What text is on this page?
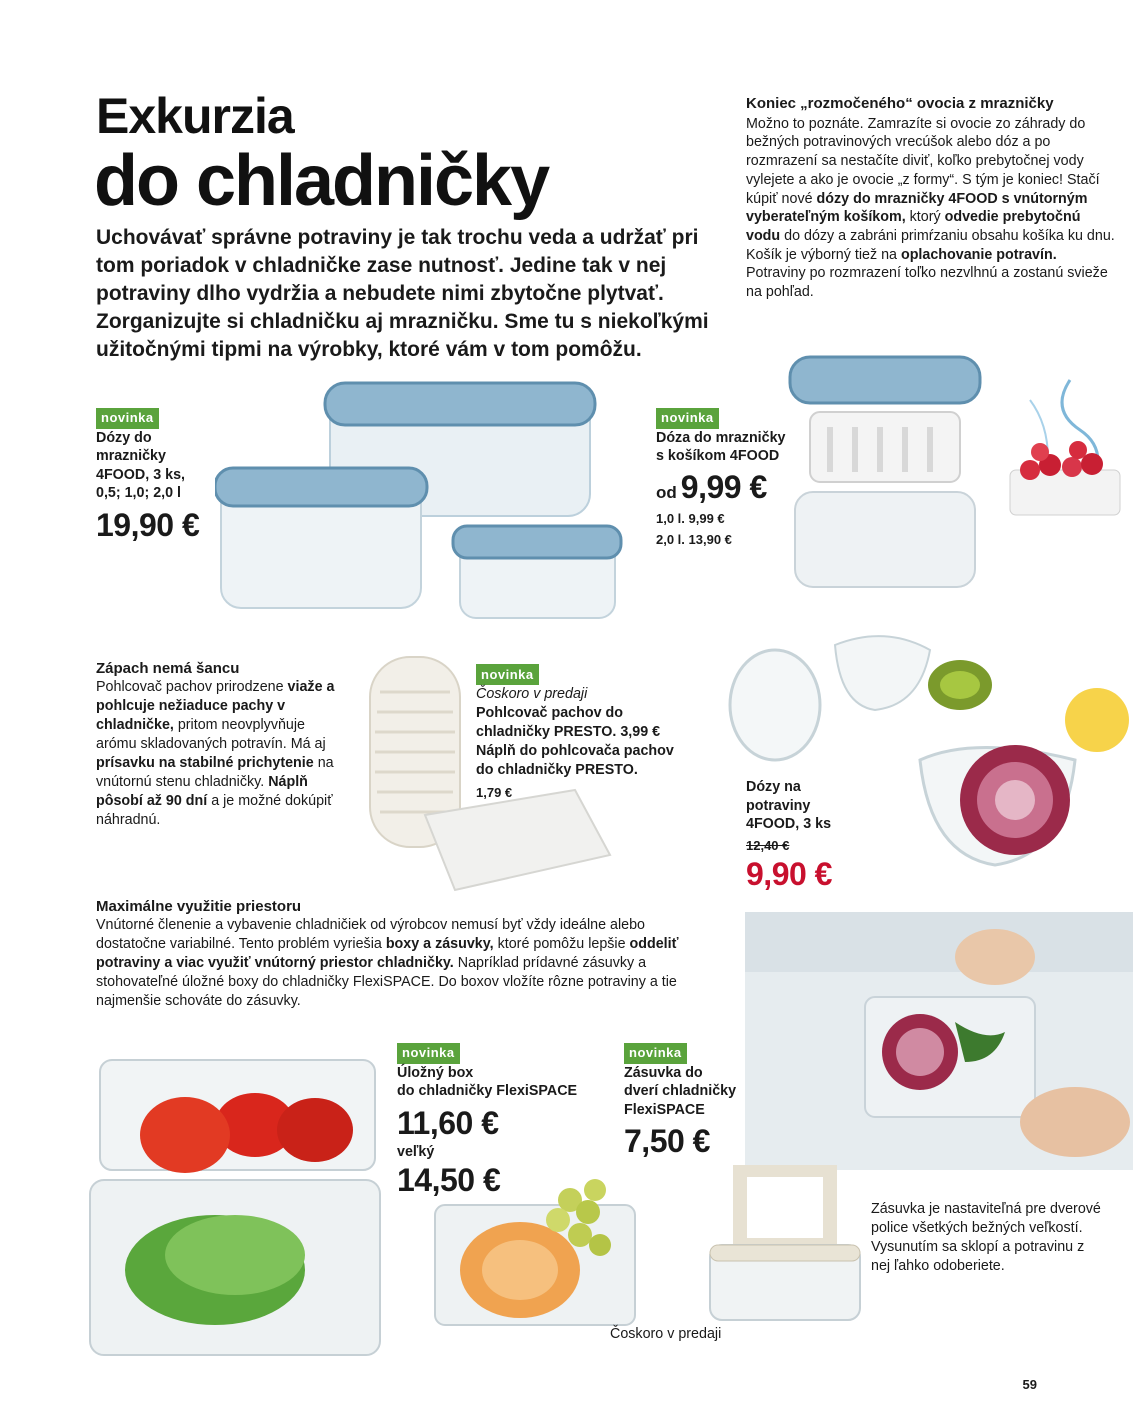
Exkurzia
do chladničky
Uchovávať správne potraviny je tak trochu veda a udržať pri tom poriadok v chladničke zase nutnosť. Jedine tak v nej potraviny dlho vydržia a nebudete nimi zbytočne plytvať. Zorganizujte si chladničku aj mrazničku. Sme tu s niekoľkými užitočnými tipmi na výrobky, ktoré vám v tom pomôžu.
Koniec „rozmočeného“ ovocia z mrazničky

Možno to poznáte. Zamrazíte si ovocie zo záhrady do bežných potravinových vrecúšok alebo dóz a po rozmrazení sa nestačíte diviť, koľko prebytočnej vody vylejete a ako je ovocie „z formy“. S tým je koniec! Stačí kúpiť nové dózy do mrazničky 4FOOD s vnútorným vyberateľným košíkom, ktorý odvedie prebytočnú vodu do dózy a zabráni primŕzaniu obsahu košíka ku dnu. Košík je výborný tiež na oplachovanie potravín. Potraviny po rozmrazení toľko nezvlhnú a zostanú svieže na pohľad.

novinka
Dózy do
mrazničky
4FOOD, 3 ks,
0,5; 1,0; 2,0 l
19,90 €
novinka
Dóza do mrazničky
s košíkom 4FOOD
od 9,99 €
1,0 l. 9,99 €
2,0 l. 13,90 €
Zápach nemá šancu

Pohlcovač pachov prirodzene viaže a pohlcuje nežiaduce pachy v chladničke, pritom neovplyvňuje arómu skladovaných potravín. Má aj prísavku na stabilné prichytenie na vnútornú stenu chladničky. Náplň pôsobí až 90 dní a je možné dokúpiť náhradnú.

novinka
Čoskoro v predaji
Pohlcovač pachov do
chladničky PRESTO. 3,99 €
Náplň do pohlcovača pachov
do chladničky PRESTO.
1,79 €	Dózy na
potraviny
4FOOD, 3 ks
12,40 €
9,90 €
Maximálne využitie priestoru

Vnútorné členenie a vybavenie chladničiek od výrobcov nemusí byť vždy ideálne alebo dostatočne variabilné. Tento problém vyriešia boxy a zásuvky, ktoré pomôžu lepšie oddeliť potraviny a viac využiť vnútorný priestor chladničky. Napríklad prídavné zásuvky a stohovateľné úložné boxy do chladničky FlexiSPACE. Do boxov vložíte rôzne potraviny a tie najmenšie schováte do zásuvky.

novinka
Úložný box
do chladničky FlexiSPACE
11,60 €
veľký
14,50 €
novinka
Zásuvka do
dverí chladničky
FlexiSPACE
7,50 €
Zásuvka je nastaviteľná pre dverové police všetkých bežných veľkostí. Vysunutím sa sklopí a potravinu z nej ľahko odoberiete.
Čoskoro v predaji
59
